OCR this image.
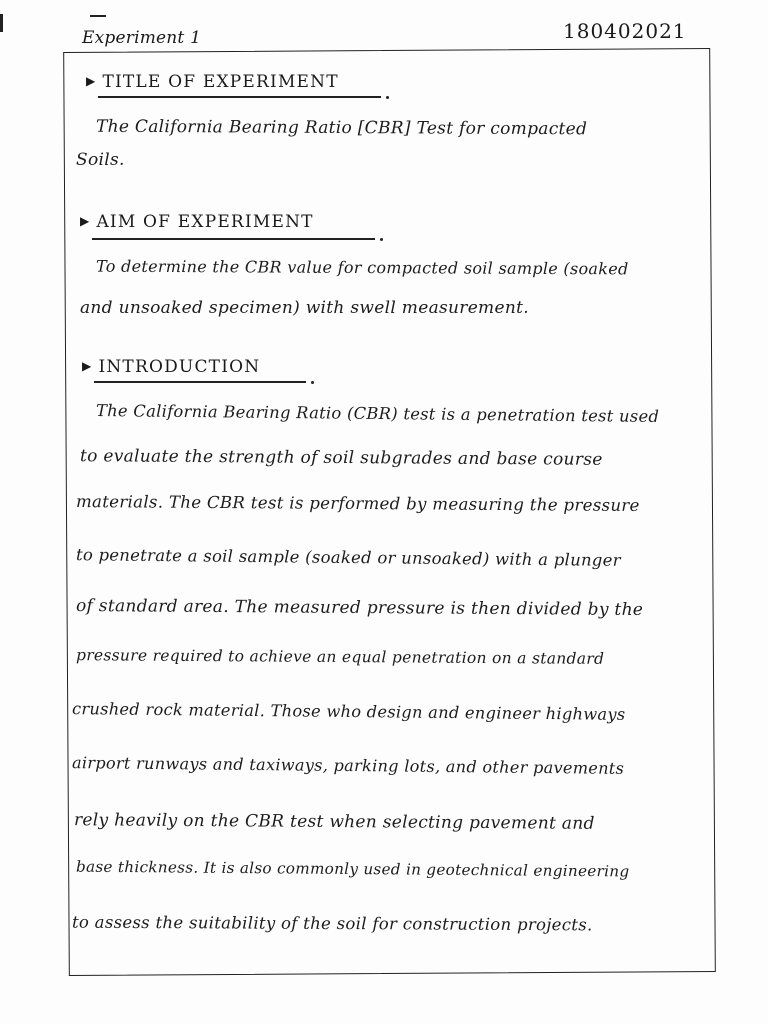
Experiment 1	180402021
▶ TITLE OF EXPERIMENT
The California Bearing Ratio [CBR] Test for compacted
Soils.
▶ AIM OF EXPERIMENT
To determine the CBR value for compacted soil sample (soaked
and unsoaked specimen) with swell measurement.
▶ INTRODUCTION
The California Bearing Ratio (CBR) test is a penetration test used
to evaluate the strength of soil subgrades and base course
materials. The CBR test is performed by measuring the pressure
to penetrate a soil sample (soaked or unsoaked) with a plunger
of standard area. The measured pressure is then divided by the
pressure required to achieve an equal penetration on a standard
crushed rock material. Those who design and engineer highways
airport runways and taxiways, parking lots, and other pavements
rely heavily on the CBR test when selecting pavement and
base thickness. It is also commonly used in geotechnical engineering
to assess the suitability of the soil for construction projects.
